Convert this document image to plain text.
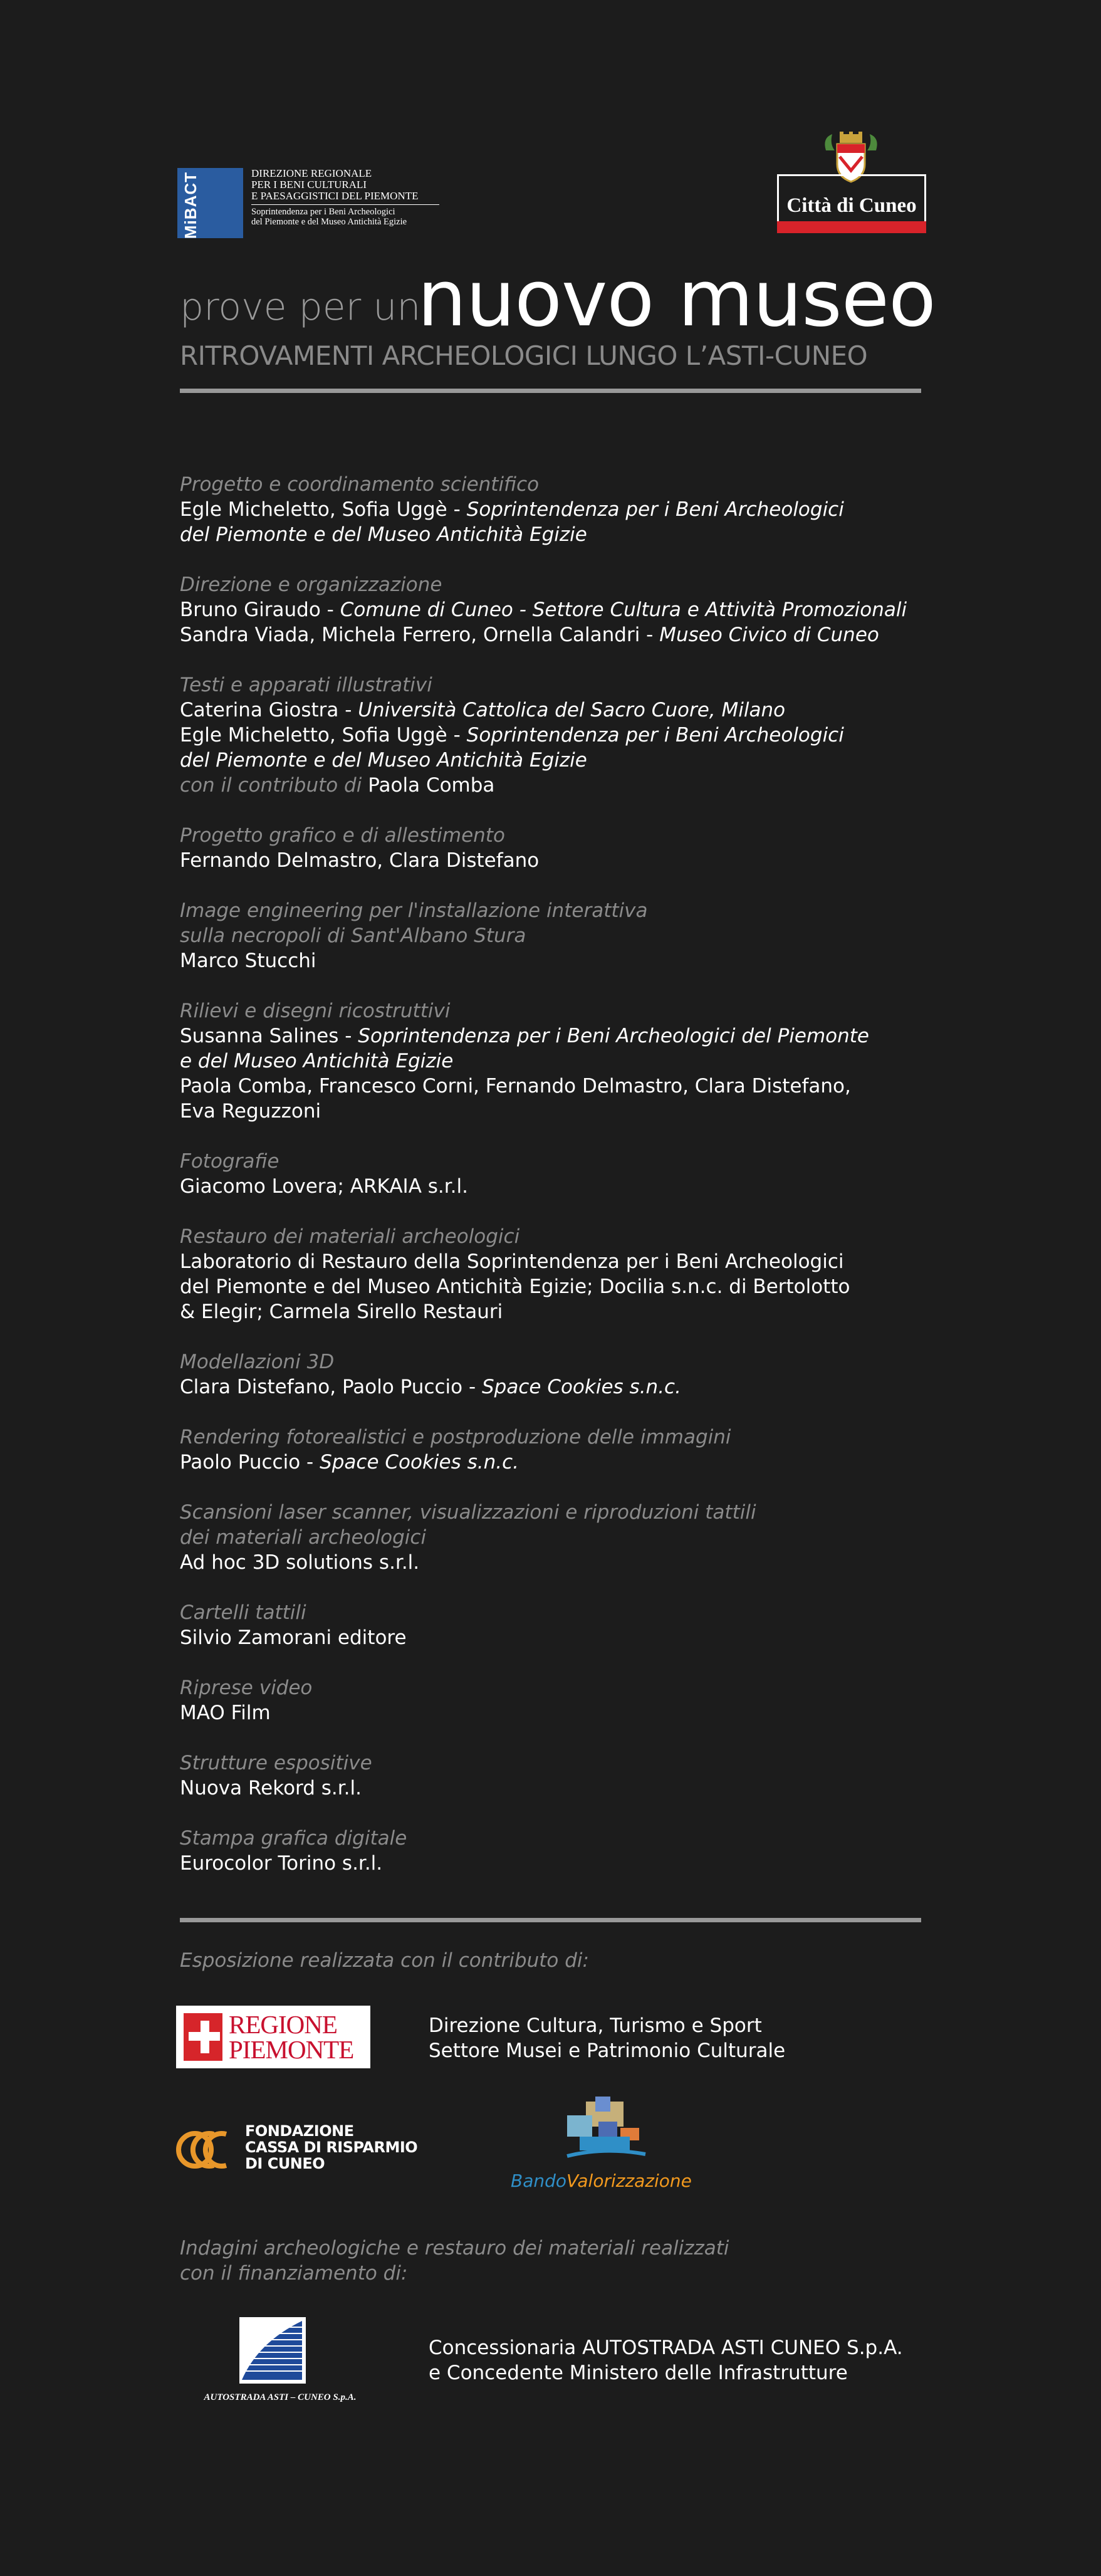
MiBACT	DIREZIONE REGIONALE
PER I BENI CULTURALI
E PAESAGGISTICI DEL PIEMONTE
Soprintendenza per i Beni Archeologici
del Piemonte e del Museo Antichità Egizie
Città di Cuneo
prove per un
nuovo museo
RITROVAMENTI ARCHEOLOGICI LUNGO L’ASTI-CUNEO
Progetto e coordinamento scientifico
Egle Micheletto, Sofia Uggè - Soprintendenza per i Beni Archeologici
del Piemonte e del Museo Antichità Egizie
Direzione e organizzazione
Bruno Giraudo - Comune di Cuneo - Settore Cultura e Attività Promozionali
Sandra Viada, Michela Ferrero, Ornella Calandri - Museo Civico di Cuneo
Testi e apparati illustrativi
Caterina Giostra - Università Cattolica del Sacro Cuore, Milano
Egle Micheletto, Sofia Uggè - Soprintendenza per i Beni Archeologici
del Piemonte e del Museo Antichità Egizie
con il contributo di Paola Comba
Progetto grafico e di allestimento
Fernando Delmastro, Clara Distefano
Image engineering per l'installazione interattiva
sulla necropoli di Sant'Albano Stura
Marco Stucchi
Rilievi e disegni ricostruttivi
Susanna Salines - Soprintendenza per i Beni Archeologici del Piemonte
e del Museo Antichità Egizie
Paola Comba, Francesco Corni, Fernando Delmastro, Clara Distefano,
Eva Reguzzoni
Fotografie
Giacomo Lovera; ARKAIA s.r.l.
Restauro dei materiali archeologici
Laboratorio di Restauro della Soprintendenza per i Beni Archeologici
del Piemonte e del Museo Antichità Egizie; Docilia s.n.c. di Bertolotto
& Elegir; Carmela Sirello Restauri
Modellazioni 3D
Clara Distefano, Paolo Puccio - Space Cookies s.n.c.
Rendering fotorealistici e postproduzione delle immagini
Paolo Puccio - Space Cookies s.n.c.
Scansioni laser scanner, visualizzazioni e riproduzioni tattili
dei materiali archeologici
Ad hoc 3D solutions s.r.l.
Cartelli tattili
Silvio Zamorani editore
Riprese video
MAO Film
Strutture espositive
Nuova Rekord s.r.l.
Stampa grafica digitale
Eurocolor Torino s.r.l.
Esposizione realizzata con il contributo di:
REGIONE
PIEMONTE
Direzione Cultura, Turismo e Sport
Settore Musei e Patrimonio Culturale
FONDAZIONE
CASSA DI RISPARMIO
DI CUNEO
BandoValorizzazione
Indagini archeologiche e restauro dei materiali realizzati
con il finanziamento di:
AUTOSTRADA ASTI – CUNEO S.p.A.
Concessionaria AUTOSTRADA ASTI CUNEO S.p.A.
e Concedente Ministero delle Infrastrutture
